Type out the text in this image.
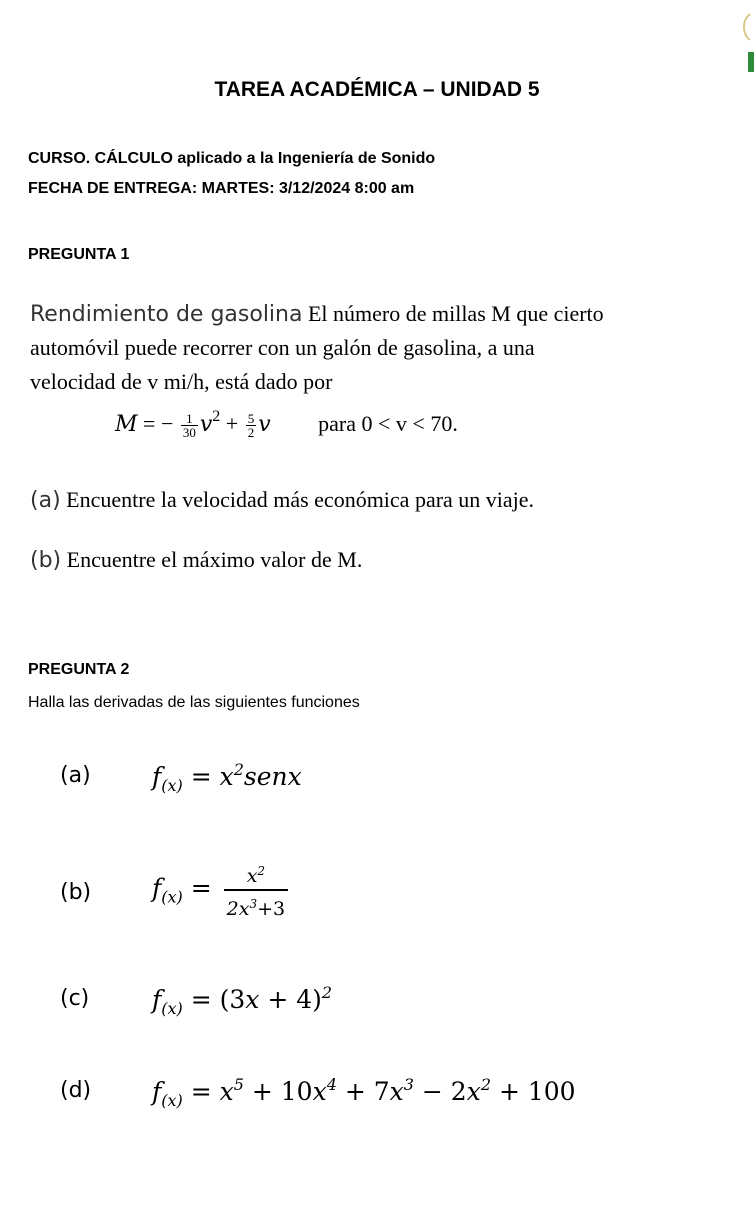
TAREA ACADÉMICA – UNIDAD 5
CURSO. CÁLCULO aplicado a la Ingeniería de Sonido
FECHA DE ENTREGA: MARTES: 3/12/2024 8:00 am
PREGUNTA 1
Rendimiento de gasolina El número de millas M que cierto
automóvil puede recorrer con un galón de gasolina, a una
velocidad de v mi/h, está dado por
M = − $\frac{1}{30} v^2 + \frac{5}{2}$ v para 0 < v < 70.
(a) Encuentre la velocidad más económica para un viaje.
(b) Encuentre el máximo valor de M.
PREGUNTA 2
Halla las derivadas de las siguientes funciones
(a) $f_{(x)}$ = $x^2senx$
(b) $f_{(x)} = \frac{x^2}{2x^3+3}$
(c)	$f_{(x)} = (3x + 4)^2$
(d) $f_{(x)} = x^5 + 10x^4 + 7x^3 - 2x^2 + 100$
